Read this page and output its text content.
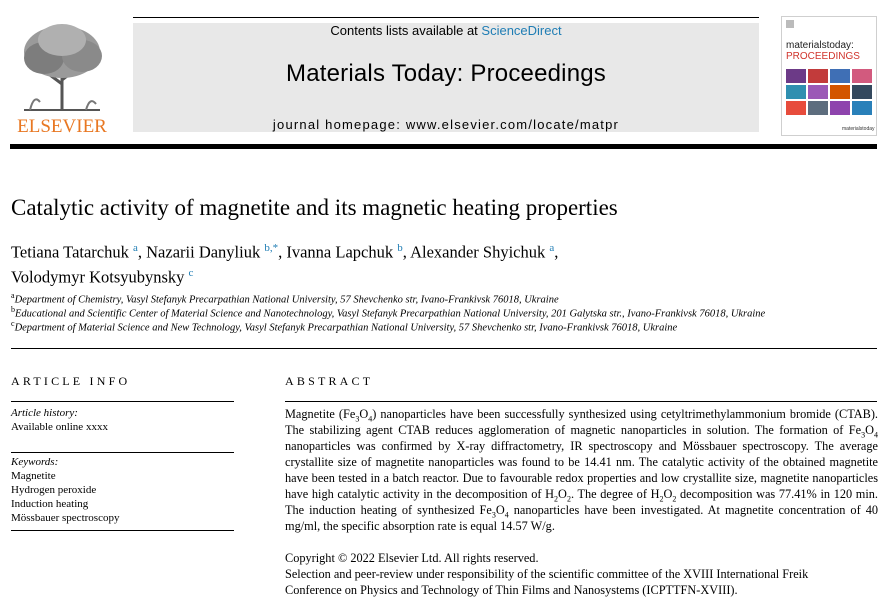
ELSEVIER
Contents lists available at ScienceDirect
Materials Today: Proceedings
journal homepage: www.elsevier.com/locate/matpr
materialstoday:
PROCEEDINGS
materialstoday
Catalytic activity of magnetite and its magnetic heating properties
Tetiana Tatarchuk $^a$, Nazarii Danyliuk $^{b,*}$, Ivanna Lapchuk $^b$, Alexander Shyichuk $^a$,
Volodymyr Kotsyubynsky $^c$
$^a$Department of Chemistry, Vasyl Stefanyk Precarpathian National University, 57 Shevchenko str, Ivano-Frankivsk 76018, Ukraine
$^b$Educational and Scientific Center of Material Science and Nanotechnology, Vasyl Stefanyk Precarpathian National University, 201 Galytska str., Ivano-Frankivsk 76018, Ukraine
$^c$Department of Material Science and New Technology, Vasyl Stefanyk Precarpathian National University, 57 Shevchenko str, Ivano-Frankivsk 76018, Ukraine
ARTICLE INFO
Article history:
Available online xxxx
Keywords:
Magnetite
Hydrogen peroxide
Induction heating
Mössbauer spectroscopy
ABSTRACT
Magnetite $(Fe_3O_4)$ nanoparticles have been successfully synthesized using cetyltrimethylammonium bromide (CTAB). The stabilizing agent CTAB reduces agglomeration of magnetic nanoparticles in solution. The formation of $Fe_3O_4$ nanoparticles was confirmed by X-ray diffractometry, IR spectroscopy and Mössbauer spectroscopy. The average crystallite size of magnetite nanoparticles was found to be 14.41 nm. The catalytic activity of the obtained magnetite have been tested in a batch reactor. Due to favourable redox properties and low crystallite size, magnetite nanoparticles have high catalytic activity in the decomposition of $H_2O_2$. The degree of $H_2O_2$ decomposition was 77.41% in 120 min. The induction heating of synthesized $Fe_3O_4$ nanoparticles have been investigated. At magnetite concentration of 40 mg/ml, the specific absorption rate is equal 14.57 W/g.
Copyright © 2022 Elsevier Ltd. All rights reserved.
Selection and peer-review under responsibility of the scientific committee of the XVIII International Freik
Conference on Physics and Technology of Thin Films and Nanosystems (ICPTTFN-XVIII).
